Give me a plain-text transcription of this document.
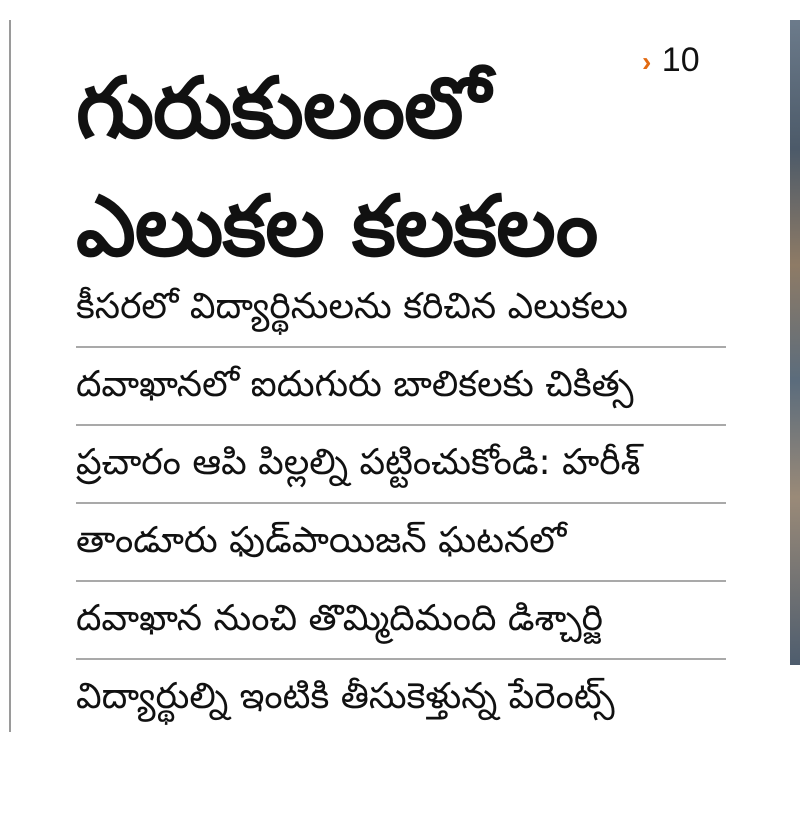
గురుకులంలో
ఎలుకల కలకలం
› 10
కీసరలో విద్యార్థినులను కరిచిన ఎలుకలు
దవాఖానలో ఐదుగురు బాలికలకు చికిత్స
ప్రచారం ఆపి పిల్లల్ని పట్టించుకోండి: హరీశ్
తాండూరు ఫుడ్‌పాయిజన్ ఘటనలో
దవాఖాన నుంచి తొమ్మిదిమంది డిశ్చార్జి
విద్యార్థుల్ని ఇంటికి తీసుకెళ్తున్న పేరెంట్స్
